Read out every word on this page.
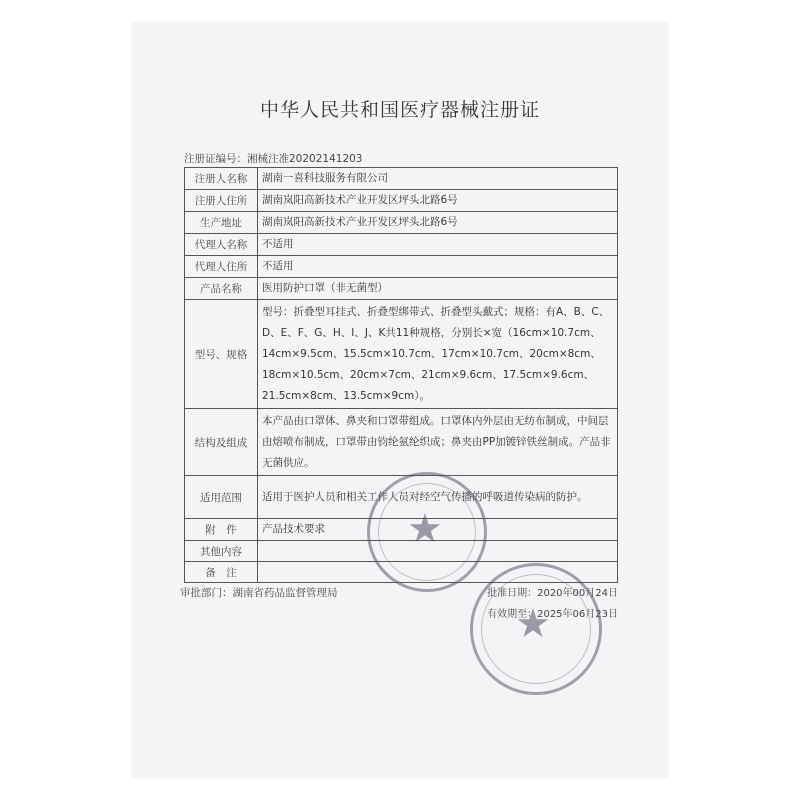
中华人民共和国医疗器械注册证
注册证编号：湘械注准20202141203
注册人名称	湖南一喜科技服务有限公司
注册人住所	湖南岚阳高新技术产业开发区坪头北路6号
生产地址	湖南岚阳高新技术产业开发区坪头北路6号
代理人名称	不适用
代理人住所	不适用
产品名称	医用防护口罩（非无菌型）
型号、规格	型号：折叠型耳挂式、折叠型绑带式、折叠型头戴式；规格：有A、B、C、D、E、F、G、H、I、J、K共11种规格，分别长×宽（16cm×10.7cm、14cm×9.5cm、15.5cm×10.7cm、17cm×10.7cm、20cm×8cm、18cm×10.5cm、20cm×7cm、21cm×9.6cm、17.5cm×9.6cm、21.5cm×8cm、13.5cm×9cm）。
结构及组成	本产品由口罩体、鼻夹和口罩带组成。口罩体内外层由无纺布制成，中间层由熔喷布制成，口罩带由钧纶氨纶织成；鼻夹由PP加镀锌铁丝制成。产品非无菌供应。
适用范围	适用于医护人员和相关工作人员对经空气传播的呼吸道传染病的防护。
附　件	产品技术要求
其他内容	
备　注	
审批部门：湖南省药品监督管理局	批准日期：2020年00月24日
有效期至：2025年06月23日
★
★
